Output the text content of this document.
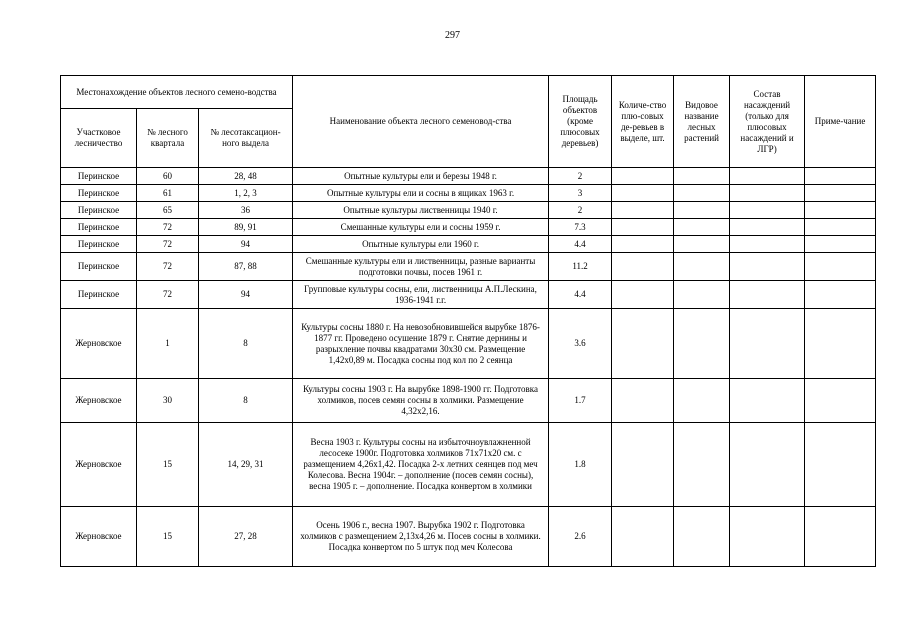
297
Местонахождение объектов лесного семено-водства			Наименование объекта лесного семеновод-ства	Площадь объектов (кроме плюсовых деревьев)	Количе-ство плю-совых де-ревьев в выделе, шт.	Видовое название лесных растений	Состав насаждений (только для плюсовых насаждений и ЛГР)	Приме-чание
Участковое лесничество	№ лесного квартала	№ лесотаксацион-ного выдела						
Перинское	60	28, 48	Опытные культуры ели и березы 1948 г.	2				
Перинское	61	1, 2, 3	Опытные культуры ели и сосны в ящиках 1963 г.	3				
Перинское	65	36	Опытные культуры лиственницы 1940 г.	2				
Перинское	72	89, 91	Смешанные культуры ели и сосны 1959 г.	7.3				
Перинское	72	94	Опытные культуры ели 1960 г.	4.4				
Перинское	72	87, 88	Смешанные культуры ели и лиственницы, разные варианты подготовки почвы, посев 1961 г.	11.2				
Перинское	72	94	Групповые культуры сосны, ели, лиственницы А.П.Лескина, 1936-1941 г.г.	4.4				
Жерновское	1	8	Культуры сосны 1880 г. На невозобновившейся вырубке 1876-1877 гг. Проведено осушение 1879 г. Снятие дернины и разрыхление почвы квадратами 30х30 см. Размещение 1,42х0,89 м. Посадка сосны под кол по 2 сеянца	3.6				
Жерновское	30	8	Культуры сосны 1903 г. На вырубке 1898-1900 гг. Подготовка холмиков, посев семян сосны в холмики. Размещение 4,32х2,16.	1.7				
Жерновское	15	14, 29, 31	Весна 1903 г. Культуры сосны на избыточноувлажненной лесосеке 1900г. Подготовка холмиков 71х71х20 см. с размещением 4,26х1,42. Посадка 2-х летних сеянцев под меч Колесова. Весна 1904г. – дополнение (посев семян сосны), весна 1905 г. – дополнение. Посадка конвертом в холмики	1.8				
Жерновское	15	27, 28	Осень 1906 г., весна 1907. Вырубка 1902 г. Подготовка холмиков с размещением 2,13х4,26 м. Посев сосны в холмики. Посадка конвертом по 5 штук под меч Колесова	2.6				
